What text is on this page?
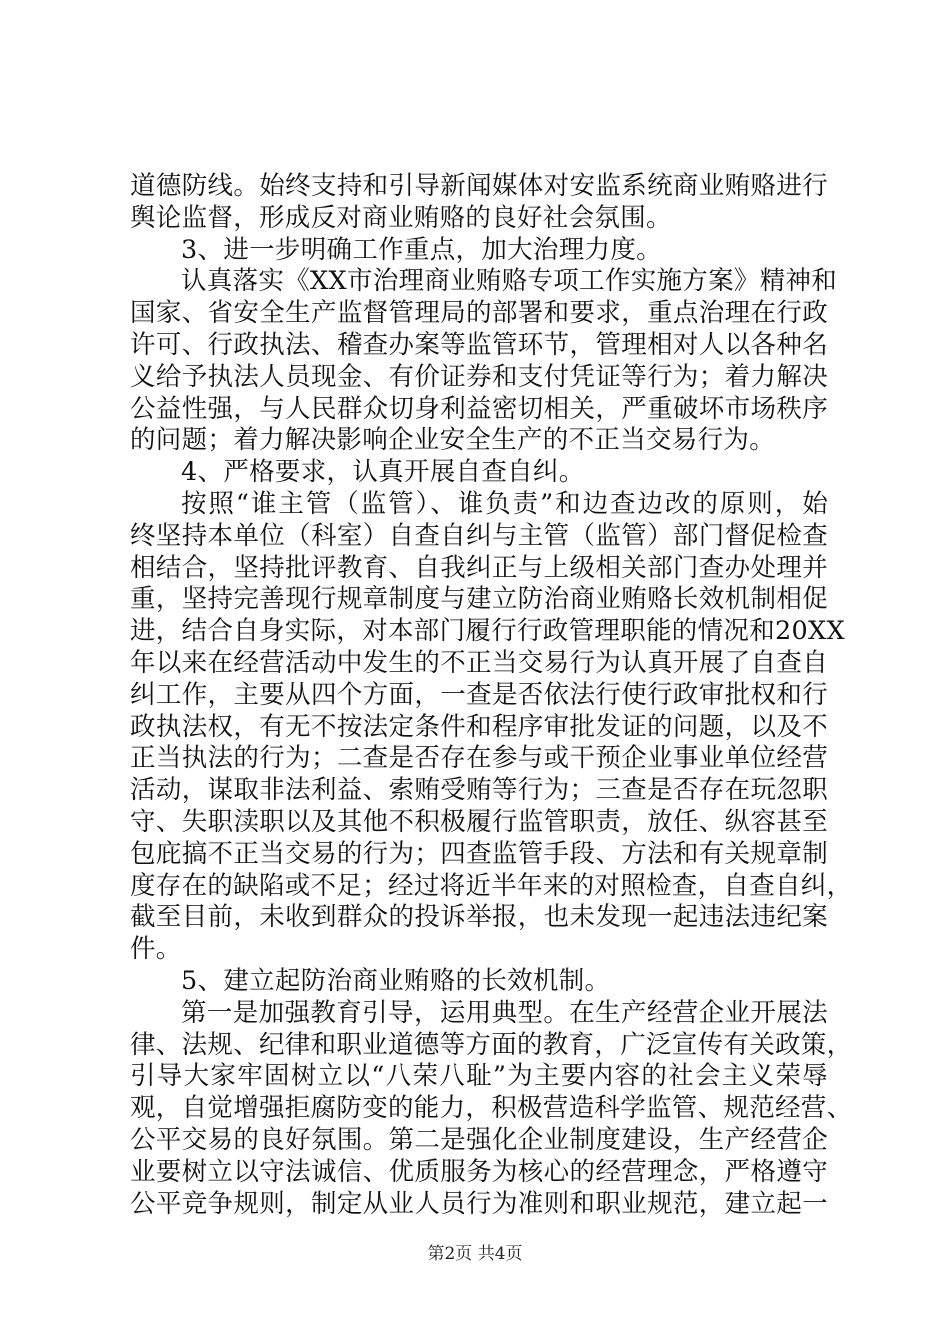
道德防线。始终支持和引导新闻媒体对安监系统商业贿赂进行
舆论监督，形成反对商业贿赂的良好社会氛围。
3、进一步明确工作重点，加大治理力度。
认真落实《XX市治理商业贿赂专项工作实施方案》精神和
国家、省安全生产监督管理局的部署和要求，重点治理在行政
许可、行政执法、稽查办案等监管环节，管理相对人以各种名
义给予执法人员现金、有价证券和支付凭证等行为；着力解决
公益性强，与人民群众切身利益密切相关，严重破坏市场秩序
的问题；着力解决影响企业安全生产的不正当交易行为。
4、严格要求，认真开展自查自纠。
按照“谁主管（监管）、谁负责”和边查边改的原则，始
终坚持本单位（科室）自查自纠与主管（监管）部门督促检查
相结合，坚持批评教育、自我纠正与上级相关部门查办处理并
重，坚持完善现行规章制度与建立防治商业贿赂长效机制相促
进，结合自身实际，对本部门履行行政管理职能的情况和20XX
年以来在经营活动中发生的不正当交易行为认真开展了自查自
纠工作，主要从四个方面，一查是否依法行使行政审批权和行
政执法权，有无不按法定条件和程序审批发证的问题，以及不
正当执法的行为；二查是否存在参与或干预企业事业单位经营
活动，谋取非法利益、索贿受贿等行为；三查是否存在玩忽职
守、失职渎职以及其他不积极履行监管职责，放任、纵容甚至
包庇搞不正当交易的行为；四查监管手段、方法和有关规章制
度存在的缺陷或不足；经过将近半年来的对照检查，自查自纠，
截至目前，未收到群众的投诉举报，也未发现一起违法违纪案
件。
5、建立起防治商业贿赂的长效机制。
第一是加强教育引导，运用典型。在生产经营企业开展法
律、法规、纪律和职业道德等方面的教育，广泛宣传有关政策，
引导大家牢固树立以“八荣八耻”为主要内容的社会主义荣辱
观，自觉增强拒腐防变的能力，积极营造科学监管、规范经营、
公平交易的良好氛围。第二是强化企业制度建设，生产经营企
业要树立以守法诚信、优质服务为核心的经营理念，严格遵守
公平竞争规则，制定从业人员行为准则和职业规范，建立起一
第2页 共4页
